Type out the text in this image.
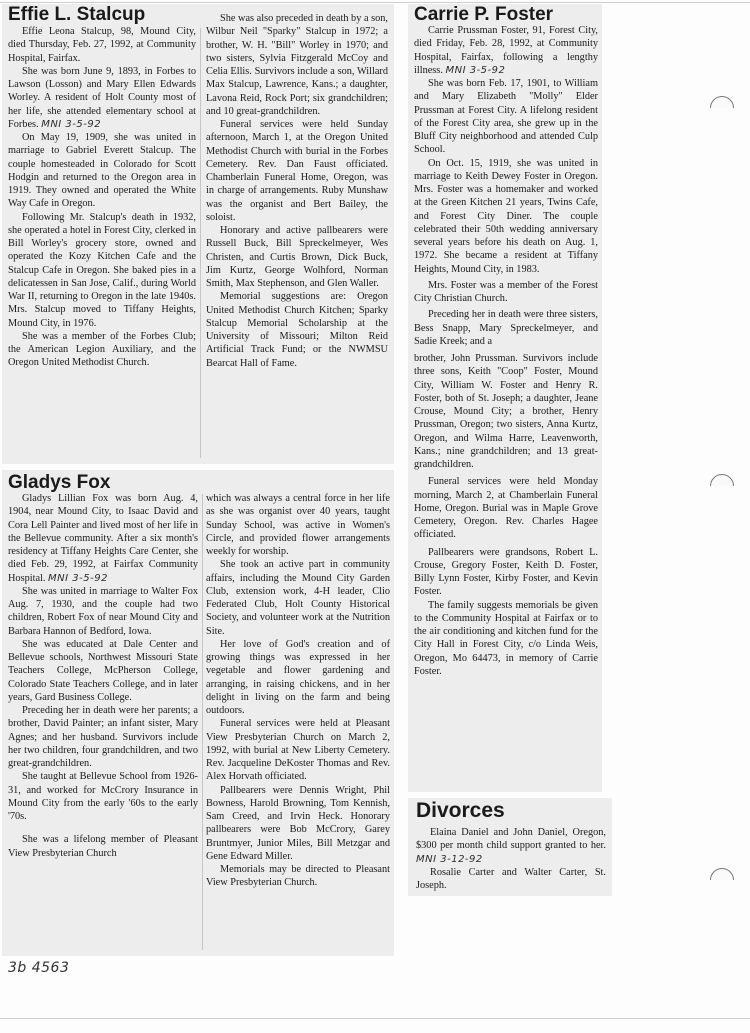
Effie L. Stalcup

Effie Leona Stalcup, 98, Mound City, died Thursday, Feb. 27, 1992, at Community Hospital, Fairfax.

She was born June 9, 1893, in Forbes to Lawson (Losson) and Mary Ellen Edwards Worley. A resident of Holt County most of her life, she attended elementary school at Forbes. MNI 3-5-92

On May 19, 1909, she was united in marriage to Gabriel Everett Stalcup. The couple homesteaded in Colorado for Scott Hodgin and returned to the Oregon area in 1919. They owned and operated the White Way Cafe in Oregon.

Following Mr. Stalcup's death in 1932, she operated a hotel in Forest City, clerked in Bill Worley's grocery store, owned and operated the Kozy Kitchen Cafe and the Stalcup Cafe in Oregon. She baked pies in a delicatessen in San Jose, Calif., during World War II, returning to Oregon in the late 1940s. Mrs. Stalcup moved to Tiffany Heights, Mound City, in 1976.

She was a member of the Forbes Club; the American Legion Auxiliary, and the Oregon United Methodist Church.

She was also preceded in death by a son, Wilbur Neil "Sparky" Stalcup in 1972; a brother, W. H. "Bill" Worley in 1970; and two sisters, Sylvia Fitzgerald McCoy and Celia Ellis. Survivors include a son, Willard Max Stalcup, Lawrence, Kans.; a daughter, Lavona Reid, Rock Port; six grandchildren; and 10 great-grandchildren.

Funeral services were held Sunday afternoon, March 1, at the Oregon United Methodist Church with burial in the Forbes Cemetery. Rev. Dan Faust officiated. Chamberlain Funeral Home, Oregon, was in charge of arrangements. Ruby Munshaw was the organist and Bert Bailey, the soloist.

Honorary and active pallbearers were Russell Buck, Bill Spreckelmeyer, Wes Christen, and Curtis Brown, Dick Buck, Jim Kurtz, George Wolhford, Norman Smith, Max Stephenson, and Glen Waller.

Memorial suggestions are: Oregon United Methodist Church Kitchen; Sparky Stalcup Memorial Scholarship at the University of Missouri; Milton Reid Artificial Track Fund; or the NWMSU Bearcat Hall of Fame.

Gladys Fox

Gladys Lillian Fox was born Aug. 4, 1904, near Mound City, to Isaac David and Cora Lell Painter and lived most of her life in the Bellevue community. After a six month's residency at Tiffany Heights Care Center, she died Feb. 29, 1992, at Fairfax Community Hospital. MNI 3-5-92

She was united in marriage to Walter Fox Aug. 7, 1930, and the couple had two children, Robert Fox of near Mound City and Barbara Hannon of Bedford, Iowa.

She was educated at Dale Center and Bellevue schools, Northwest Missouri State Teachers College, McPherson College, Colorado State Teachers College, and in later years, Gard Business College.

Preceding her in death were her parents; a brother, David Painter; an infant sister, Mary Agnes; and her husband. Survivors include her two children, four grandchildren, and two great-grandchildren.

She taught at Bellevue School from 1926-31, and worked for McCrory Insurance in Mound City from the early '60s to the early '70s.

She was a lifelong member of Pleasant View Presbyterian Church

which was always a central force in her life as she was organist over 40 years, taught Sunday School, was active in Women's Circle, and provided flower arrangements weekly for worship.

She took an active part in community affairs, including the Mound City Garden Club, extension work, 4-H leader, Clio Federated Club, Holt County Historical Society, and volunteer work at the Nutrition Site.

Her love of God's creation and of growing things was expressed in her vegetable and flower gardening and arranging, in raising chickens, and in her delight in living on the farm and being outdoors.

Funeral services were held at Pleasant View Presbyterian Church on March 2, 1992, with burial at New Liberty Cemetery. Rev. Jacqueline DeKoster Thomas and Rev. Alex Horvath officiated.

Pallbearers were Dennis Wright, Phil Bowness, Harold Browning, Tom Kennish, Sam Creed, and Irvin Heck. Honorary pallbearers were Bob McCrory, Garey Bruntmyer, Junior Miles, Bill Metzgar and Gene Edward Miller.

Memorials may be directed to Pleasant View Presbyterian Church.

Carrie P. Foster

Carrie Prussman Foster, 91, Forest City, died Friday, Feb. 28, 1992, at Community Hospital, Fairfax, following a lengthy illness. MNI 3-5-92

She was born Feb. 17, 1901, to William and Mary Elizabeth "Molly" Elder Prussman at Forest City. A lifelong resident of the Forest City area, she grew up in the Bluff City neighborhood and attended Culp School.

On Oct. 15, 1919, she was united in marriage to Keith Dewey Foster in Oregon. Mrs. Foster was a homemaker and worked at the Green Kitchen 21 years, Twins Cafe, and Forest City Diner. The couple celebrated their 50th wedding anniversary several years before his death on Aug. 1, 1972. She became a resident at Tiffany Heights, Mound City, in 1983.

Mrs. Foster was a member of the Forest City Christian Church.

Preceding her in death were three sisters, Bess Snapp, Mary Spreckelmeyer, and Sadie Kreek; and a

brother, John Prussman. Survivors include three sons, Keith "Coop" Foster, Mound City, William W. Foster and Henry R. Foster, both of St. Joseph; a daughter, Jeane Crouse, Mound City; a brother, Henry Prussman, Oregon; two sisters, Anna Kurtz, Oregon, and Wilma Harre, Leavenworth, Kans.; nine grandchildren; and 13 great-grandchildren.

Funeral services were held Monday morning, March 2, at Chamberlain Funeral Home, Oregon. Burial was in Maple Grove Cemetery, Oregon. Rev. Charles Hagee officiated.

Pallbearers were grandsons, Robert L. Crouse, Gregory Foster, Keith D. Foster, Billy Lynn Foster, Kirby Foster, and Kevin Foster.

The family suggests memorials be given to the Community Hospital at Fairfax or to the air conditioning and kitchen fund for the City Hall in Forest City, c/o Linda Weis, Oregon, Mo 64473, in memory of Carrie Foster.

Divorces

Elaina Daniel and John Daniel, Oregon, $300 per month child support granted to her. MNI 3-12-92

Rosalie Carter and Walter Carter, St. Joseph.

3b 4563
